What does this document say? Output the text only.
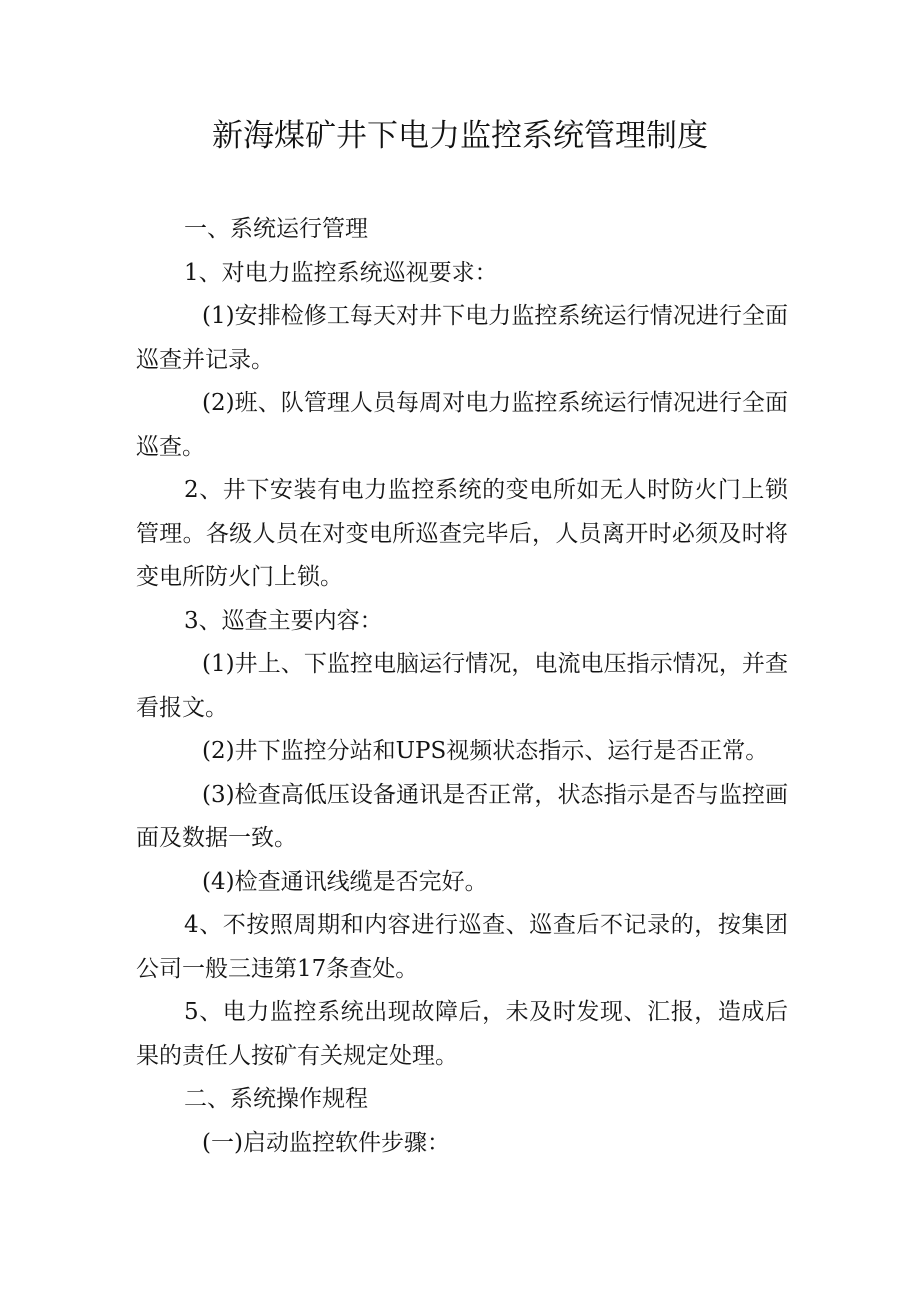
新海煤矿井下电力监控系统管理制度

一、系统运行管理

1、对电力监控系统巡视要求：

(1)安排检修工每天对井下电力监控系统运行情况进行全面巡查并记录。

(2)班、队管理人员每周对电力监控系统运行情况进行全面巡查。

2、井下安装有电力监控系统的变电所如无人时防火门上锁管理。各级人员在对变电所巡查完毕后，人员离开时必须及时将变电所防火门上锁。

3、巡查主要内容：

(1)井上、下监控电脑运行情况，电流电压指示情况，并查看报文。

(2)井下监控分站和UPS视频状态指示、运行是否正常。

(3)检查高低压设备通讯是否正常，状态指示是否与监控画面及数据一致。

(4)检查通讯线缆是否完好。

4、不按照周期和内容进行巡查、巡查后不记录的，按集团公司一般三违第17条查处。

5、电力监控系统出现故障后，未及时发现、汇报，造成后果的责任人按矿有关规定处理。

二、系统操作规程

(一)启动监控软件步骤：
